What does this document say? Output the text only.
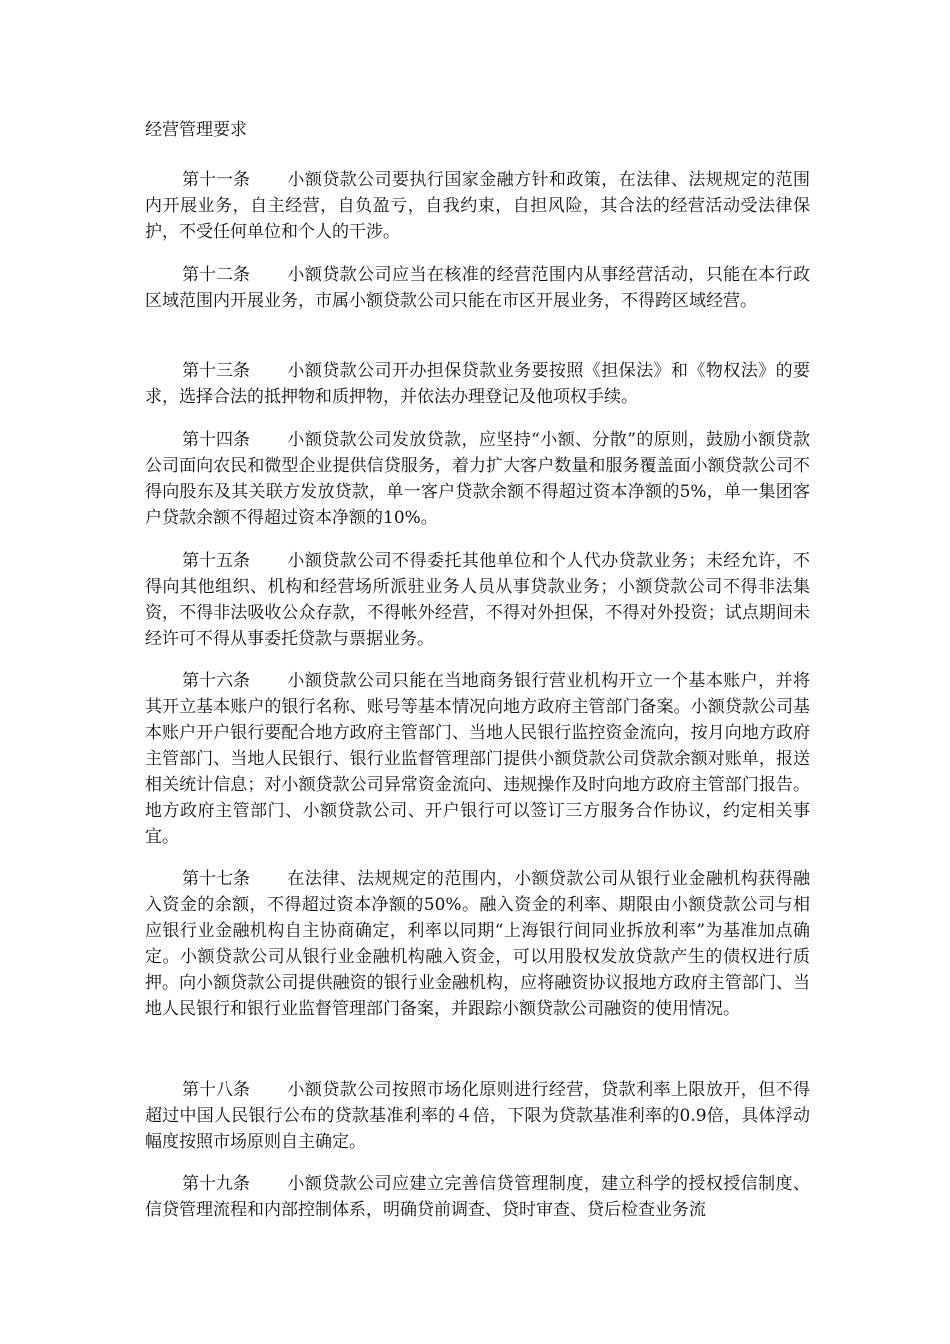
经营管理要求

第十一条 小额贷款公司要执行国家金融方针和政策，在法律、法规规定的范围内开展业务，自主经营，自负盈亏，自我约束，自担风险，其合法的经营活动受法律保护，不受任何单位和个人的干涉。

第十二条 小额贷款公司应当在核准的经营范围内从事经营活动，只能在本行政区域范围内开展业务，市属小额贷款公司只能在市区开展业务，不得跨区域经营。

第十三条 小额贷款公司开办担保贷款业务要按照《担保法》和《物权法》的要求，选择合法的抵押物和质押物，并依法办理登记及他项权手续。

第十四条 小额贷款公司发放贷款，应坚持“小额、分散”的原则，鼓励小额贷款公司面向农民和微型企业提供信贷服务，着力扩大客户数量和服务覆盖面小额贷款公司不得向股东及其关联方发放贷款，单一客户贷款余额不得超过资本净额的5%，单一集团客户贷款余额不得超过资本净额的10%。

第十五条 小额贷款公司不得委托其他单位和个人代办贷款业务；未经允许，不得向其他组织、机构和经营场所派驻业务人员从事贷款业务；小额贷款公司不得非法集资，不得非法吸收公众存款，不得帐外经营，不得对外担保，不得对外投资；试点期间未经许可不得从事委托贷款与票据业务。

第十六条 小额贷款公司只能在当地商务银行营业机构开立一个基本账户，并将其开立基本账户的银行名称、账号等基本情况向地方政府主管部门备案。小额贷款公司基本账户开户银行要配合地方政府主管部门、当地人民银行监控资金流向，按月向地方政府主管部门、当地人民银行、银行业监督管理部门提供小额贷款公司贷款余额对账单，报送相关统计信息；对小额贷款公司异常资金流向、违规操作及时向地方政府主管部门报告。地方政府主管部门、小额贷款公司、开户银行可以签订三方服务合作协议，约定相关事宜。

第十七条 在法律、法规规定的范围内，小额贷款公司从银行业金融机构获得融入资金的余额，不得超过资本净额的50%。融入资金的利率、期限由小额贷款公司与相应银行业金融机构自主协商确定，利率以同期“上海银行间同业拆放利率”为基准加点确定。小额贷款公司从银行业金融机构融入资金，可以用股权发放贷款产生的债权进行质押。向小额贷款公司提供融资的银行业金融机构，应将融资协议报地方政府主管部门、当地人民银行和银行业监督管理部门备案，并跟踪小额贷款公司融资的使用情况。

第十八条 小额贷款公司按照市场化原则进行经营，贷款利率上限放开，但不得超过中国人民银行公布的贷款基准利率的４倍，下限为贷款基准利率的0.9倍，具体浮动幅度按照市场原则自主确定。

第十九条 小额贷款公司应建立完善信贷管理制度，建立科学的授权授信制度、信贷管理流程和内部控制体系，明确贷前调查、贷时审查、贷后检查业务流
